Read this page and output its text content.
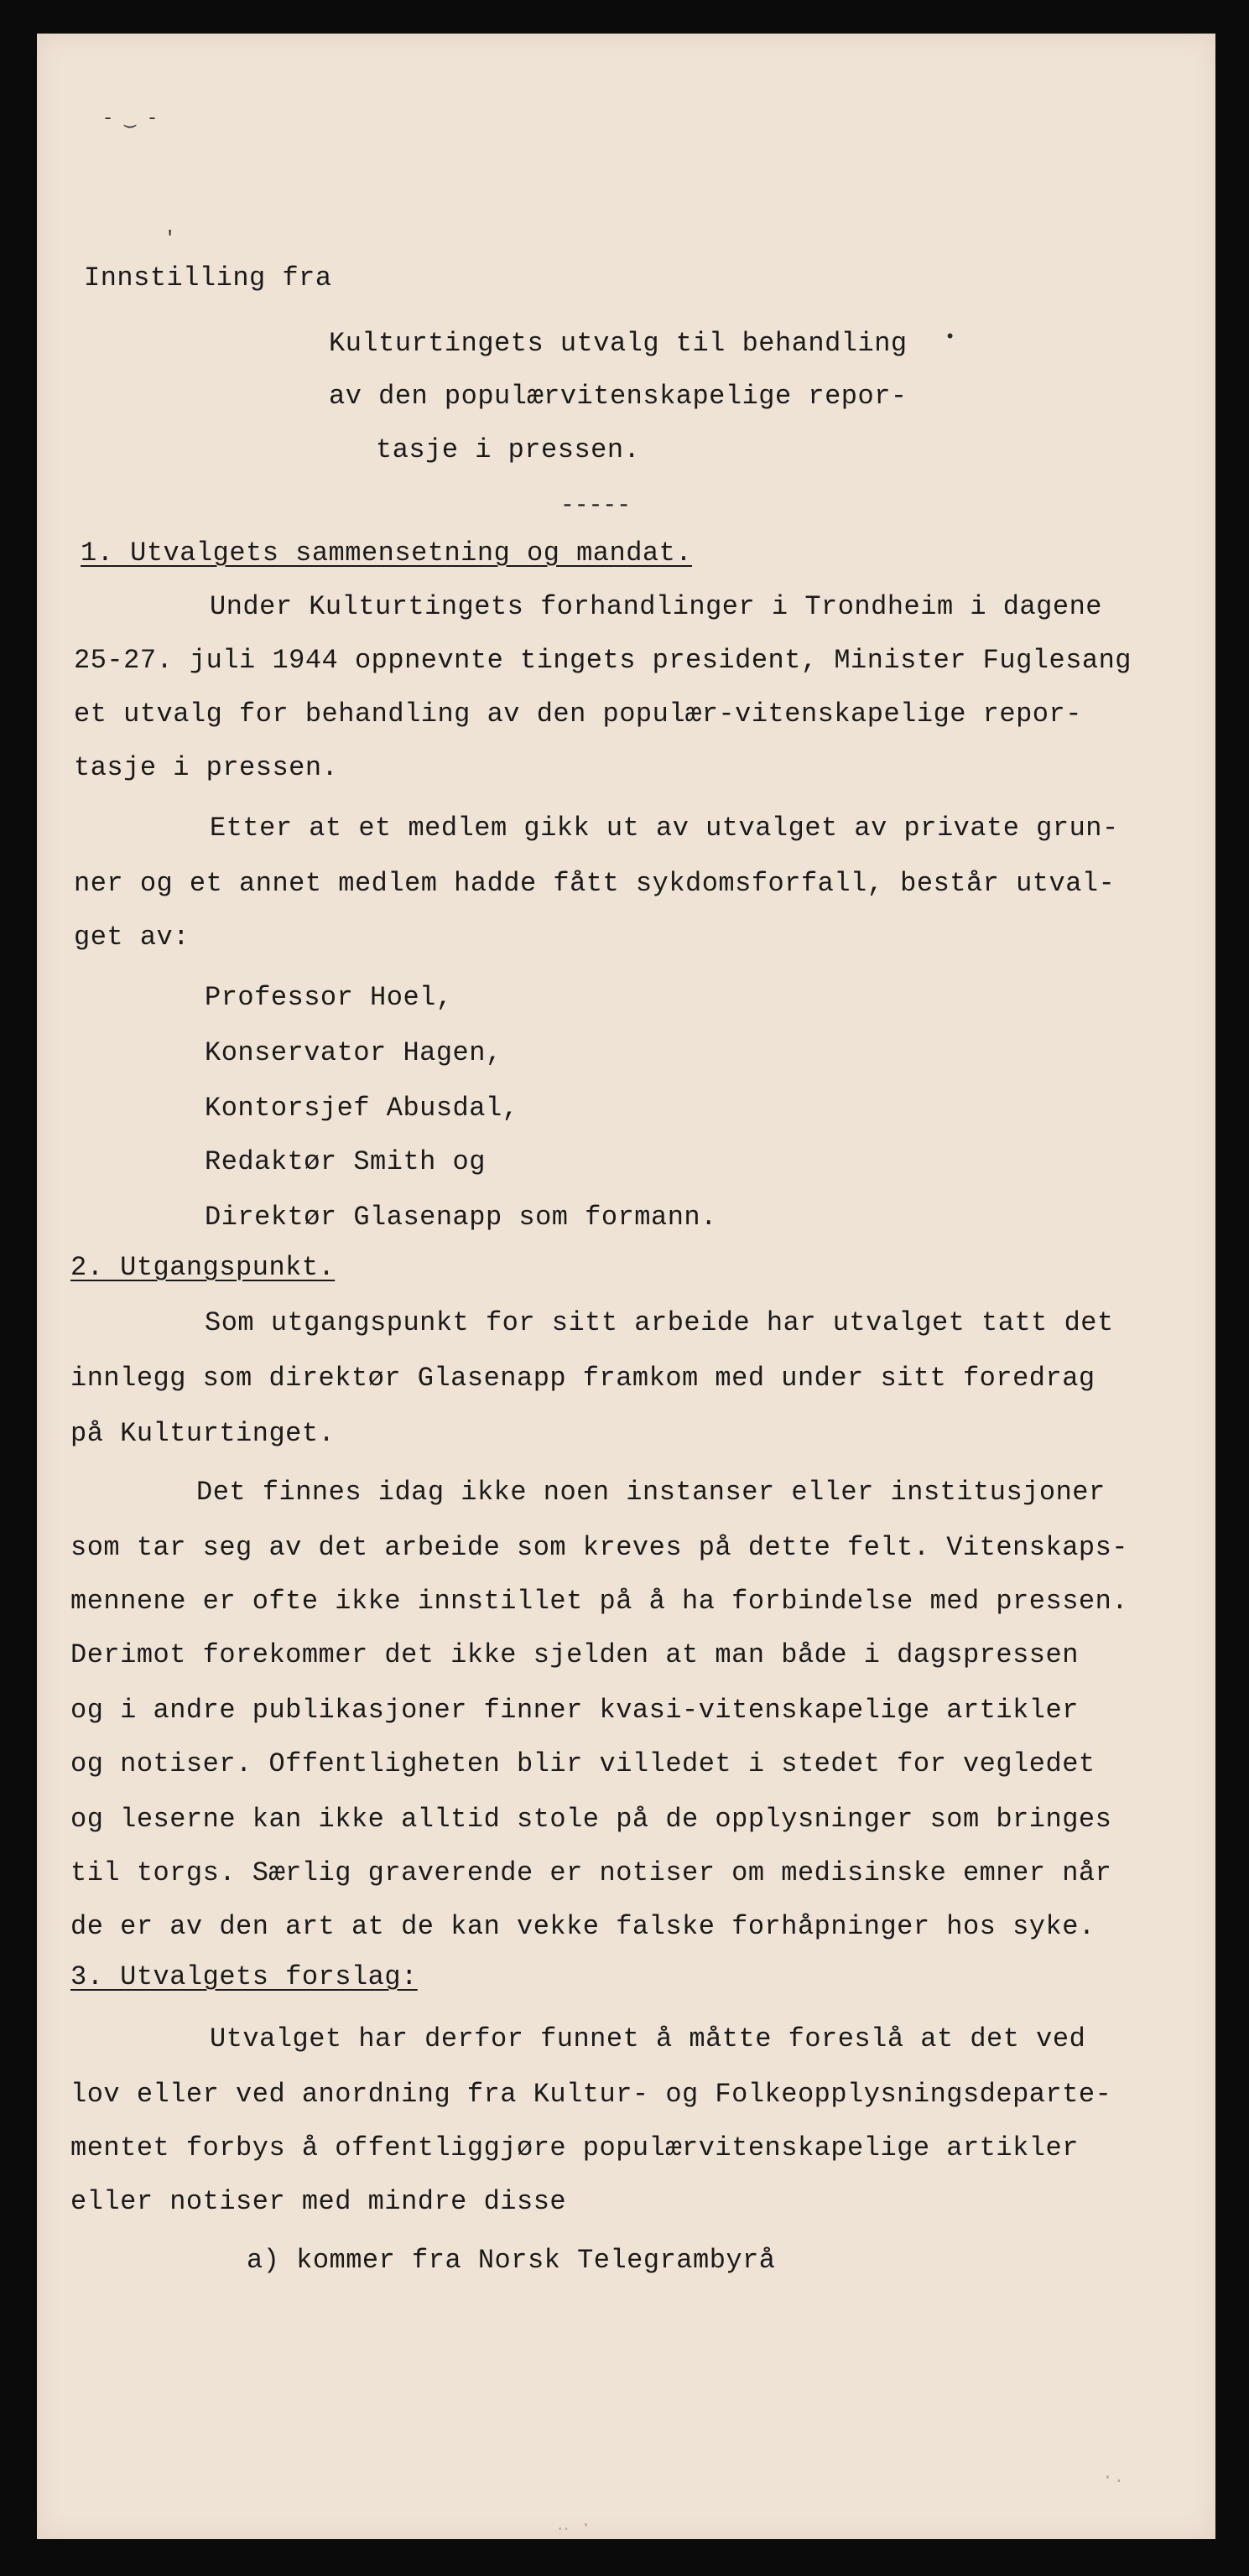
- ‿ -
'
Innstilling fra
Kulturtingets utvalg til behandling
av den populærvitenskapelige repor-
tasje i pressen.
•
-----
1. Utvalgets sammensetning og mandat.
Under Kulturtingets forhandlinger i Trondheim i dagene
25-27. juli 1944 oppnevnte tingets president, Minister Fuglesang
et utvalg for behandling av den populær-vitenskapelige repor-
tasje i pressen.
Etter at et medlem gikk ut av utvalget av private grun-
ner og et annet medlem hadde fått sykdomsforfall, består utval-
get av:
Professor Hoel,
Konservator Hagen,
Kontorsjef Abusdal,
Redaktør Smith og
Direktør Glasenapp som formann.
2. Utgangspunkt.
Som utgangspunkt for sitt arbeide har utvalget tatt det
innlegg som direktør Glasenapp framkom med under sitt foredrag
på Kulturtinget.
Det finnes idag ikke noen instanser eller institusjoner
som tar seg av det arbeide som kreves på dette felt. Vitenskaps-
mennene er ofte ikke innstillet på å ha forbindelse med pressen.
Derimot forekommer det ikke sjelden at man både i dagspressen
og i andre publikasjoner finner kvasi-vitenskapelige artikler
og notiser. Offentligheten blir villedet i stedet for vegledet
og leserne kan ikke alltid stole på de opplysninger som bringes
til torgs. Særlig graverende er notiser om medisinske emner når
de er av den art at de kan vekke falske forhåpninger hos syke.
3. Utvalgets forslag:
Utvalget har derfor funnet å måtte foreslå at det ved
lov eller ved anordning fra Kultur- og Folkeopplysningsdeparte-
mentet forbys å offentliggjøre populærvitenskapelige artikler
eller notiser med mindre disse
a) kommer fra Norsk Telegrambyrå
·.
‥ ·
